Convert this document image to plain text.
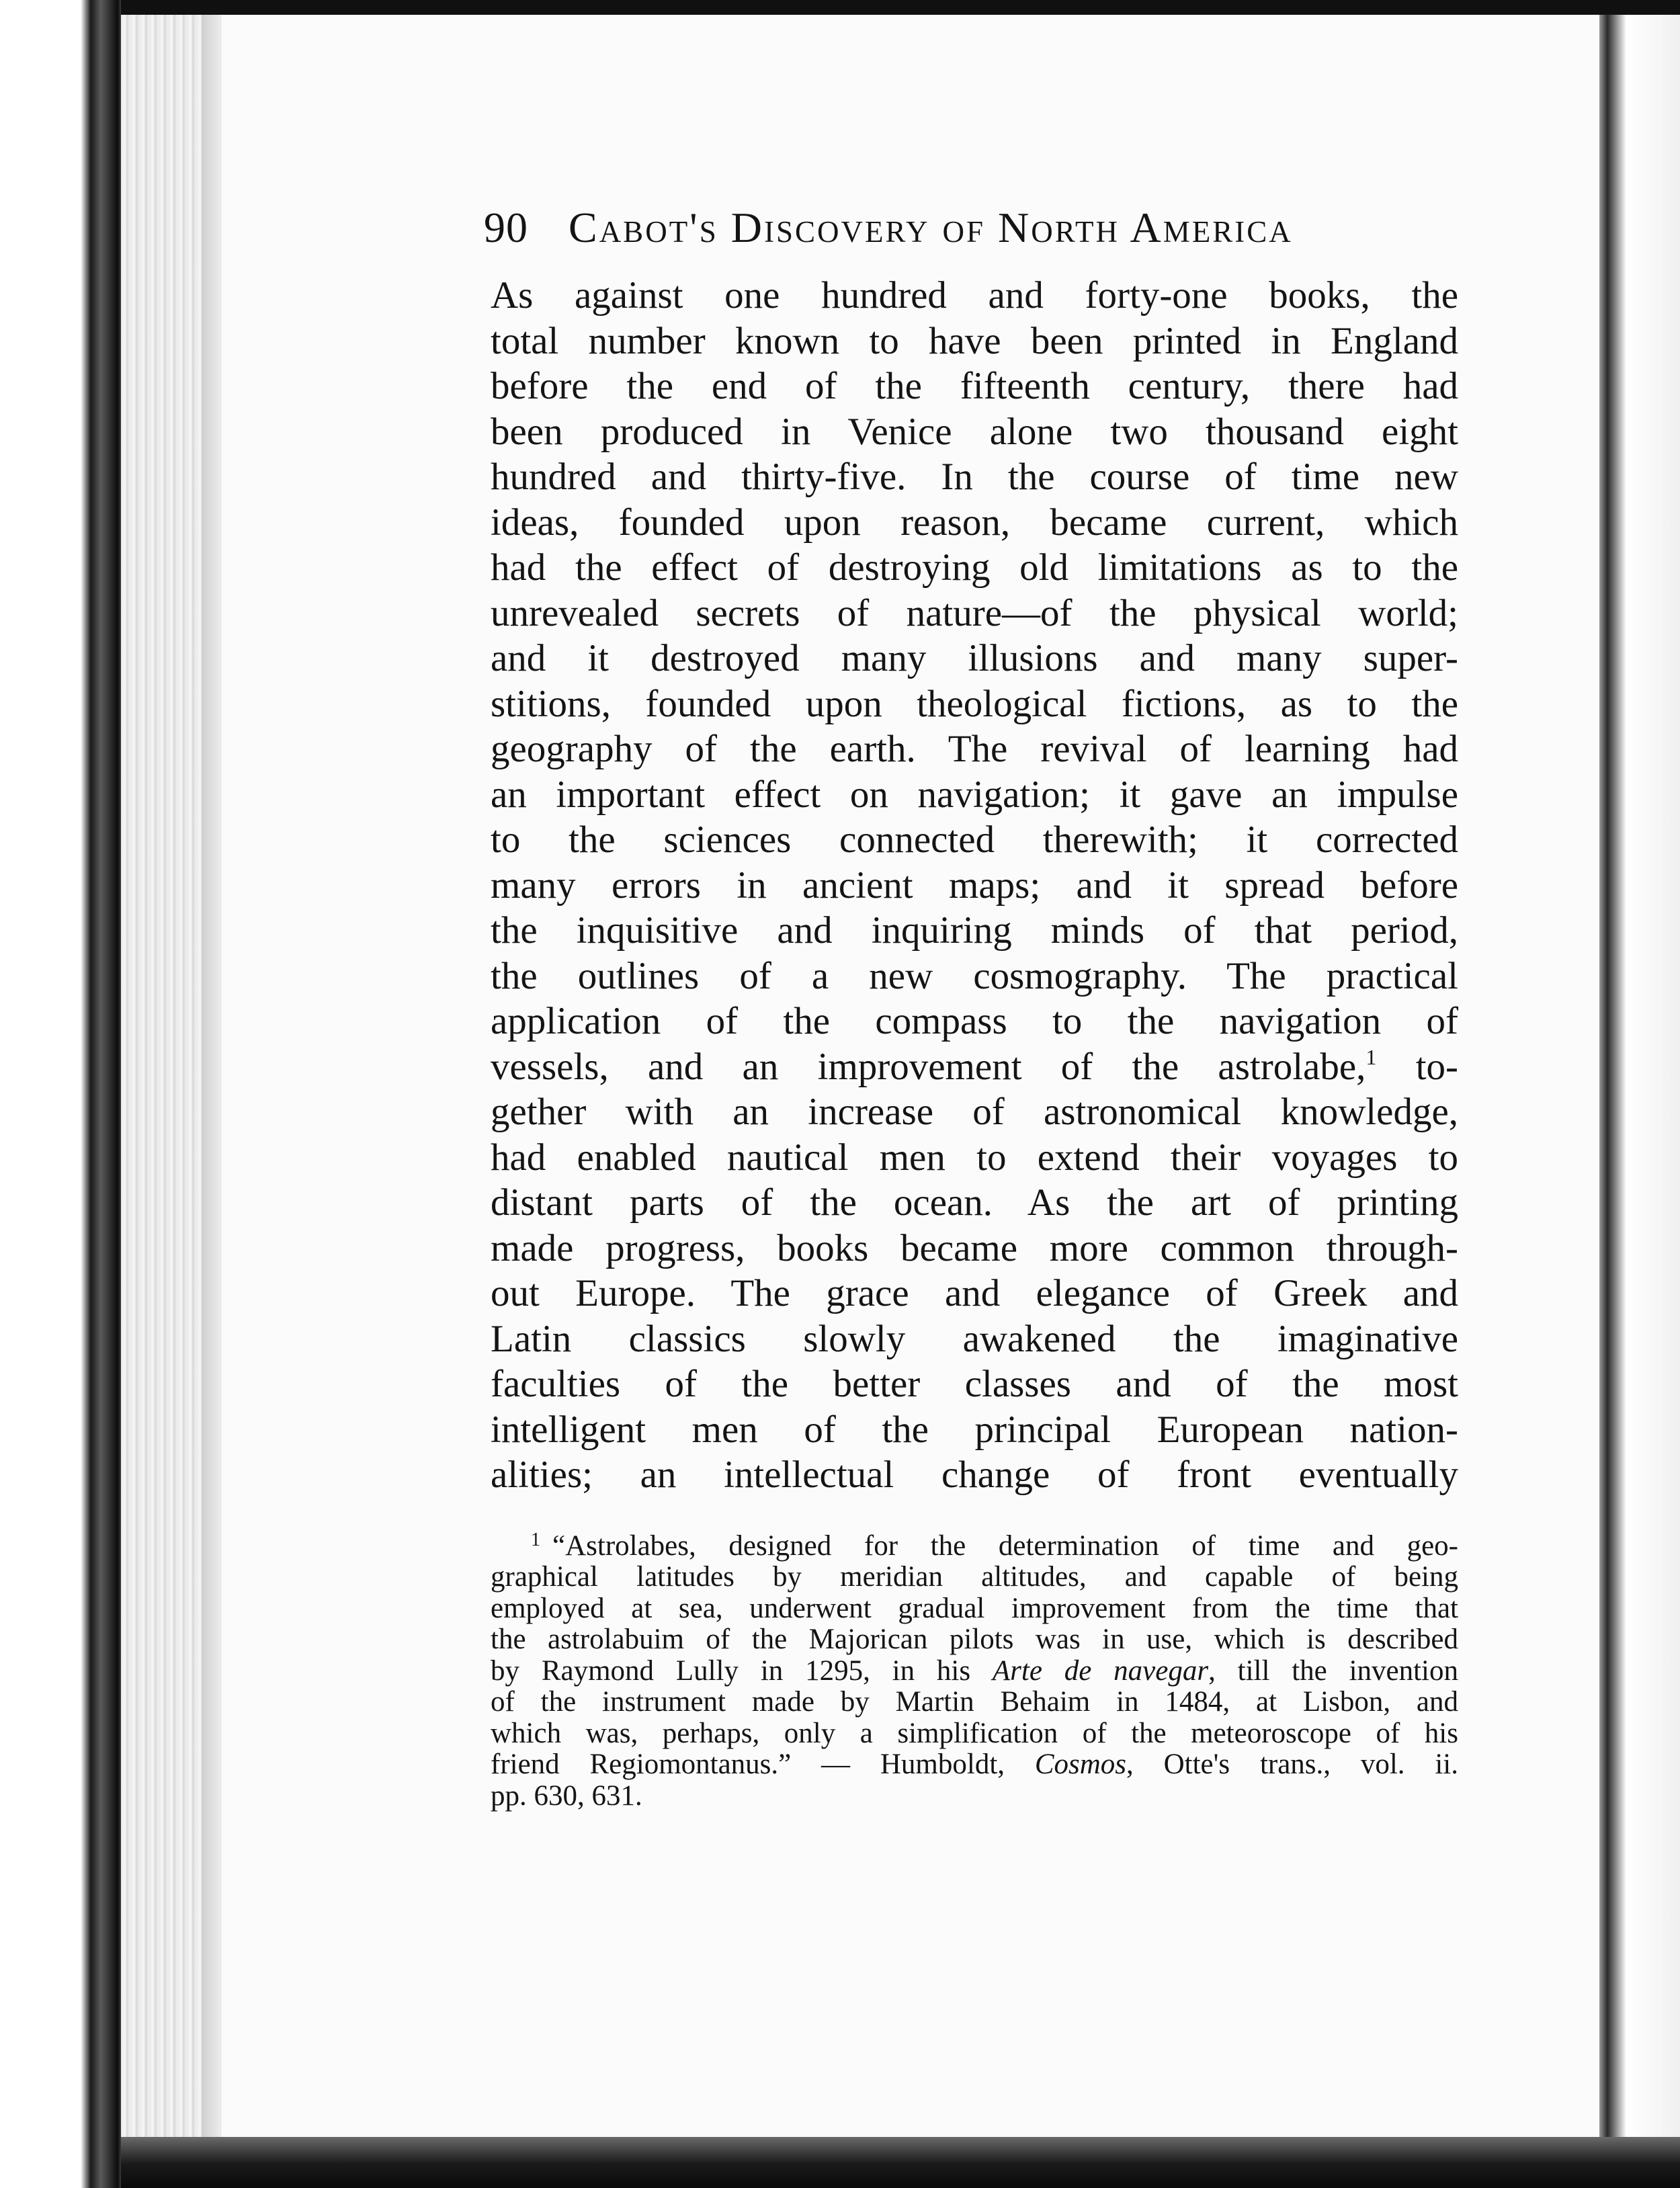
90 Cabot's Discovery of North America
As against one hundred and forty-one books, the
total number known to have been printed in England
before the end of the fifteenth century, there had
been produced in Venice alone two thousand eight
hundred and thirty-five. In the course of time new
ideas, founded upon reason, became current, which
had the effect of destroying old limitations as to the
unrevealed secrets of nature—of the physical world;
and it destroyed many illusions and many super-
stitions, founded upon theological fictions, as to the
geography of the earth. The revival of learning had
an important effect on navigation; it gave an impulse
to the sciences connected therewith; it corrected
many errors in ancient maps; and it spread before
the inquisitive and inquiring minds of that period,
the outlines of a new cosmography. The practical
application of the compass to the navigation of
vessels, and an improvement of the astrolabe,$^1$ to-
gether with an increase of astronomical knowledge,
had enabled nautical men to extend their voyages to
distant parts of the ocean. As the art of printing
made progress, books became more common through-
out Europe. The grace and elegance of Greek and
Latin classics slowly awakened the imaginative
faculties of the better classes and of the most
intelligent men of the principal European nation-
alities; an intellectual change of front eventually
$^1$ “Astrolabes, designed for the determination of time and geo-
graphical latitudes by meridian altitudes, and capable of being
employed at sea, underwent gradual improvement from the time that
the astrolabuim of the Majorican pilots was in use, which is described
by Raymond Lully in 1295, in his Arte de navegar, till the invention
of the instrument made by Martin Behaim in 1484, at Lisbon, and
which was, perhaps, only a simplification of the meteoroscope of his
friend Regiomontanus.” — Humboldt, Cosmos, Otte's trans., vol. ii.
pp. 630, 631.
